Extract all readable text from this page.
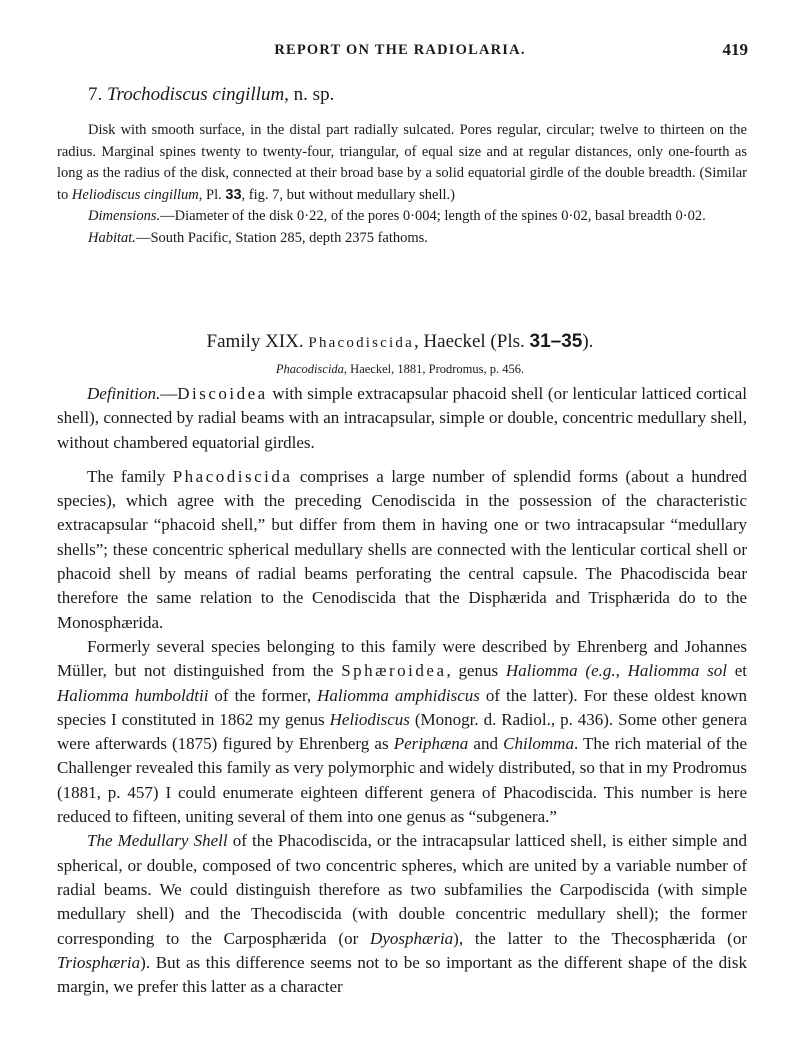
REPORT ON THE RADIOLARIA.	419
7. Trochodiscus cingillum, n. sp.

Disk with smooth surface, in the distal part radially sulcated. Pores regular, circular; twelve to thirteen on the radius. Marginal spines twenty to twenty-four, triangular, of equal size and at regular distances, only one-fourth as long as the radius of the disk, connected at their broad base by a solid equatorial girdle of the double breadth. (Similar to Heliodiscus cingillum, Pl. 33, fig. 7, but without medullary shell.)

Dimensions.—Diameter of the disk 0·22, of the pores 0·004; length of the spines 0·02, basal breadth 0·02.

Habitat.—South Pacific, Station 285, depth 2375 fathoms.

Family XIX. Phacodiscida, Haeckel (Pls. 31–35).
Phacodiscida, Haeckel, 1881, Prodromus, p. 456.

Definition.—Discoidea with simple extracapsular phacoid shell (or lenticular latticed cortical shell), connected by radial beams with an intracapsular, simple or double, concentric medullary shell, without chambered equatorial girdles.

The family Phacodiscida comprises a large number of splendid forms (about a hundred species), which agree with the preceding Cenodiscida in the possession of the characteristic extracapsular “phacoid shell,” but differ from them in having one or two intracapsular “medullary shells”; these concentric spherical medullary shells are connected with the lenticular cortical shell or phacoid shell by means of radial beams perforating the central capsule. The Phacodiscida bear therefore the same relation to the Cenodiscida that the Disphærida and Trisphærida do to the Monosphærida.

Formerly several species belonging to this family were described by Ehrenberg and Johannes Müller, but not distinguished from the Sphæroidea, genus Haliomma (e.g., Haliomma sol et Haliomma humboldtii of the former, Haliomma amphidiscus of the latter). For these oldest known species I constituted in 1862 my genus Heliodiscus (Monogr. d. Radiol., p. 436). Some other genera were afterwards (1875) figured by Ehrenberg as Periphæna and Chilomma. The rich material of the Challenger revealed this family as very polymorphic and widely distributed, so that in my Prodromus (1881, p. 457) I could enumerate eighteen different genera of Phacodiscida. This number is here reduced to fifteen, uniting several of them into one genus as “subgenera.”

The Medullary Shell of the Phacodiscida, or the intracapsular latticed shell, is either simple and spherical, or double, composed of two concentric spheres, which are united by a variable number of radial beams. We could distinguish therefore as two subfamilies the Carpodiscida (with simple medullary shell) and the Thecodiscida (with double concentric medullary shell); the former corresponding to the Carposphærida (or Dyosphæria), the latter to the Thecosphærida (or Triosphæria). But as this difference seems not to be so important as the different shape of the disk margin, we prefer this latter as a character
